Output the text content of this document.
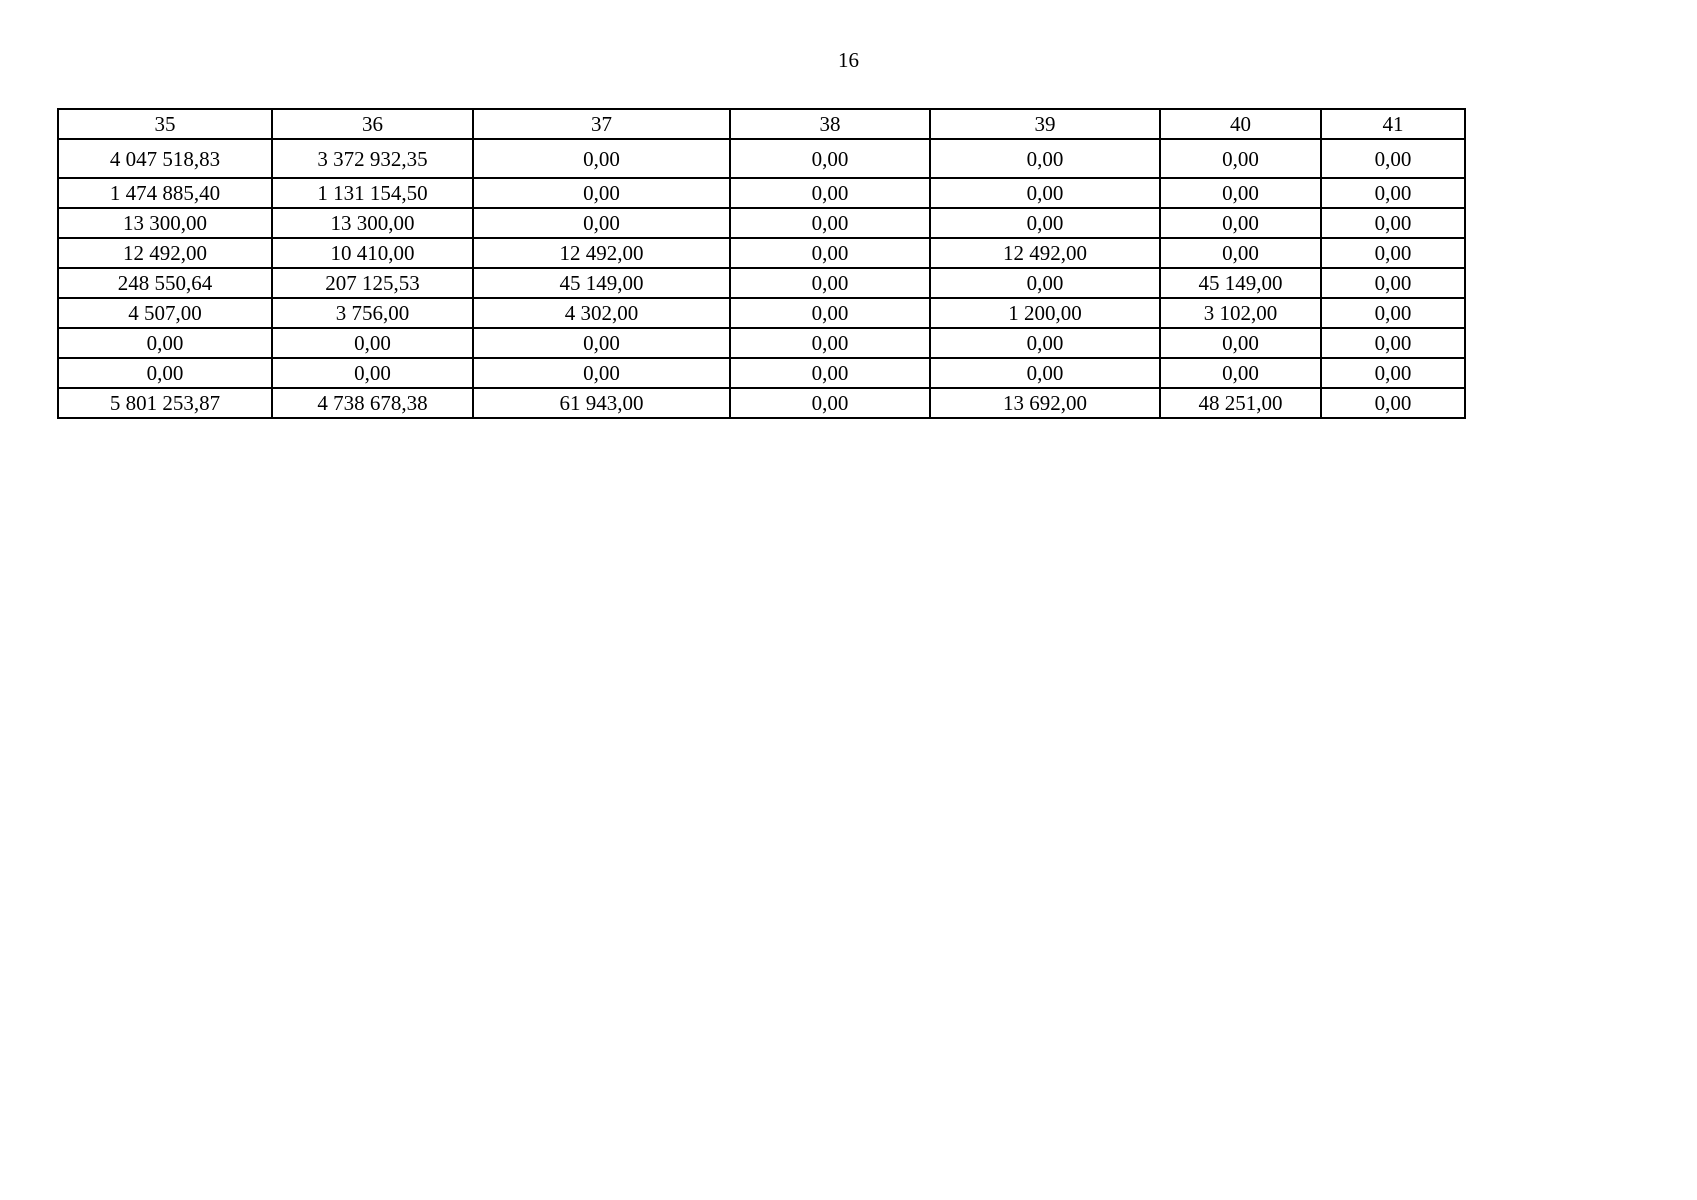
16
35	36	37	38	39	40	41
4 047 518,83	3 372 932,35	0,00	0,00	0,00	0,00	0,00
1 474 885,40	1 131 154,50	0,00	0,00	0,00	0,00	0,00
13 300,00	13 300,00	0,00	0,00	0,00	0,00	0,00
12 492,00	10 410,00	12 492,00	0,00	12 492,00	0,00	0,00
248 550,64	207 125,53	45 149,00	0,00	0,00	45 149,00	0,00
4 507,00	3 756,00	4 302,00	0,00	1 200,00	3 102,00	0,00
0,00	0,00	0,00	0,00	0,00	0,00	0,00
0,00	0,00	0,00	0,00	0,00	0,00	0,00
5 801 253,87	4 738 678,38	61 943,00	0,00	13 692,00	48 251,00	0,00
